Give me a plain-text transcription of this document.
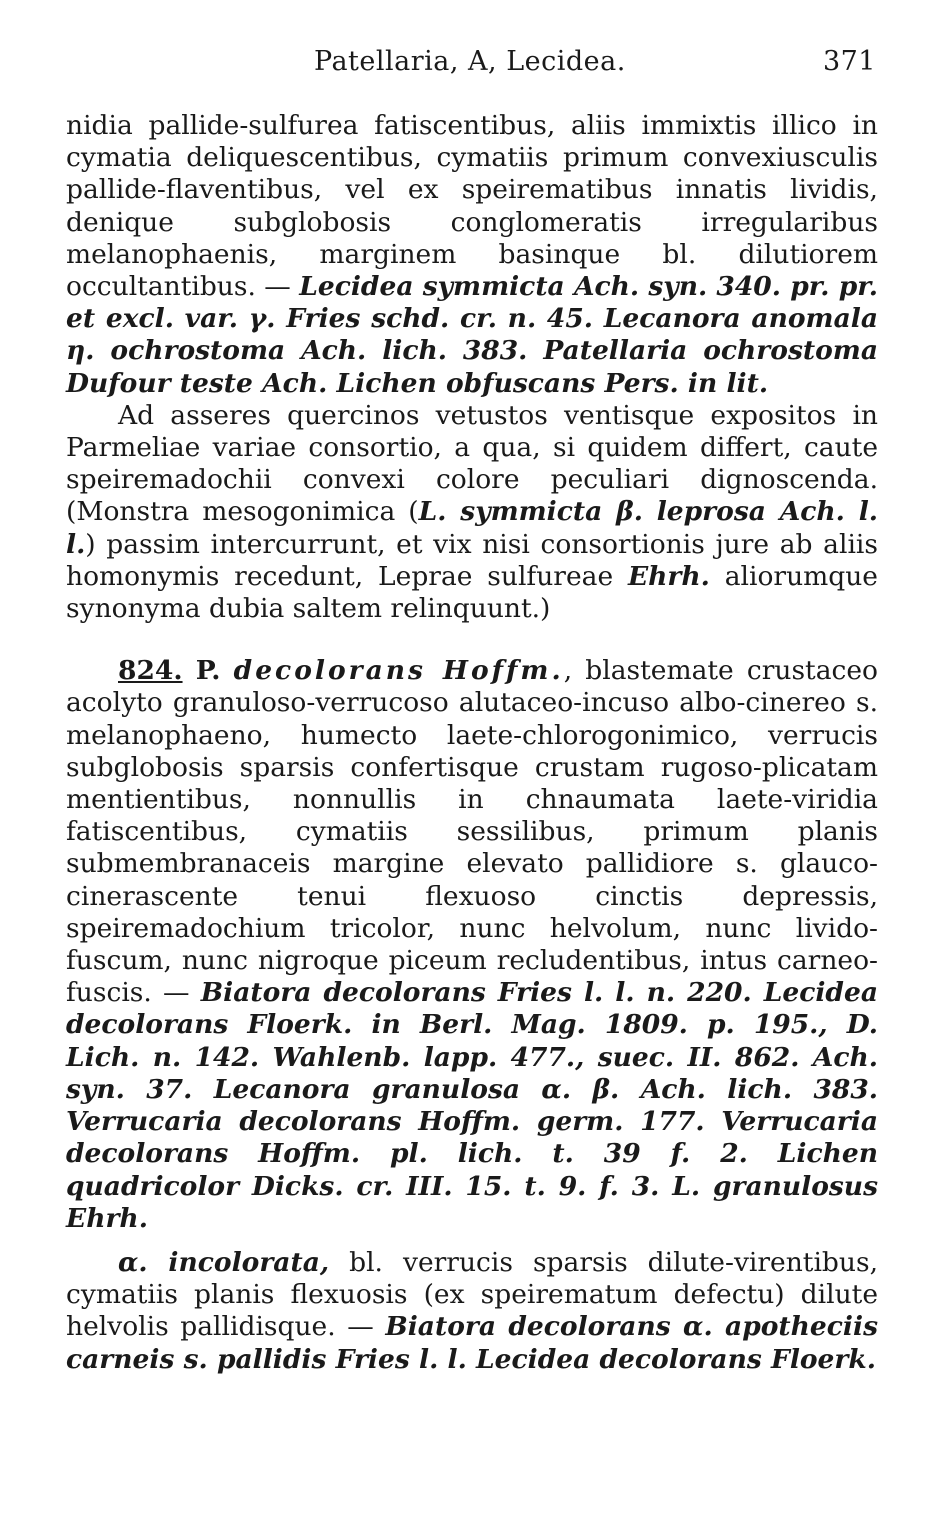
Patellaria, A, Lecidea.	371

nidia pallide-sulfurea fatiscentibus, aliis immixtis illico in cymatia deliquescentibus, cymatiis primum convexiusculis pallide-flaventibus, vel ex speirematibus innatis lividis, denique subglobosis conglomeratis irregularibus melanophaenis, marginem basinque bl. dilutiorem occultantibus. — Lecidea symmicta Ach. syn. 340. pr. pr. et excl. var. γ. Fries schd. cr. n. 45. Lecanora anomala η. ochrostoma Ach. lich. 383. Patellaria ochrostoma Dufour teste Ach. Lichen obfuscans Pers. in lit.

Ad asseres quercinos vetustos ventisque expositos in Parmeliae variae consortio, a qua, si quidem differt, caute speiremadochii convexi colore peculiari dignoscenda. (Monstra mesogonimica (L. symmicta β. leprosa Ach. l. l.) passim intercurrunt, et vix nisi consortionis jure ab aliis homonymis recedunt, Leprae sulfureae Ehrh. aliorumque synonyma dubia saltem relinquunt.)

824. P. decolorans Hoffm., blastemate crustaceo acolyto granuloso-verrucoso alutaceo-incuso albo-cinereo s. melanophaeno, humecto laete-chlorogonimico, verrucis subglobosis sparsis confertisque crustam rugoso-plicatam mentientibus, nonnullis in chnaumata laete-viridia fatiscentibus, cymatiis sessilibus, primum planis submembranaceis margine elevato pallidiore s. glauco-cinerascente tenui flexuoso cinctis depressis, speiremadochium tricolor, nunc helvolum, nunc livido-fuscum, nunc nigroque piceum recludentibus, intus carneo-fuscis. — Biatora decolorans Fries l. l. n. 220. Lecidea decolorans Floerk. in Berl. Mag. 1809. p. 195., D. Lich. n. 142. Wahlenb. lapp. 477., suec. II. 862. Ach. syn. 37. Lecanora granulosa α. β. Ach. lich. 383. Verrucaria decolorans Hoffm. germ. 177. Verrucaria decolorans Hoffm. pl. lich. t. 39 f. 2. Lichen quadricolor Dicks. cr. III. 15. t. 9. f. 3. L. granulosus Ehrh.

α. incolorata, bl. verrucis sparsis dilute-virentibus, cymatiis planis flexuosis (ex speirematum defectu) dilute helvolis pallidisque. — Biatora decolorans α. apotheciis carneis s. pallidis Fries l. l. Lecidea decolorans Floerk.
